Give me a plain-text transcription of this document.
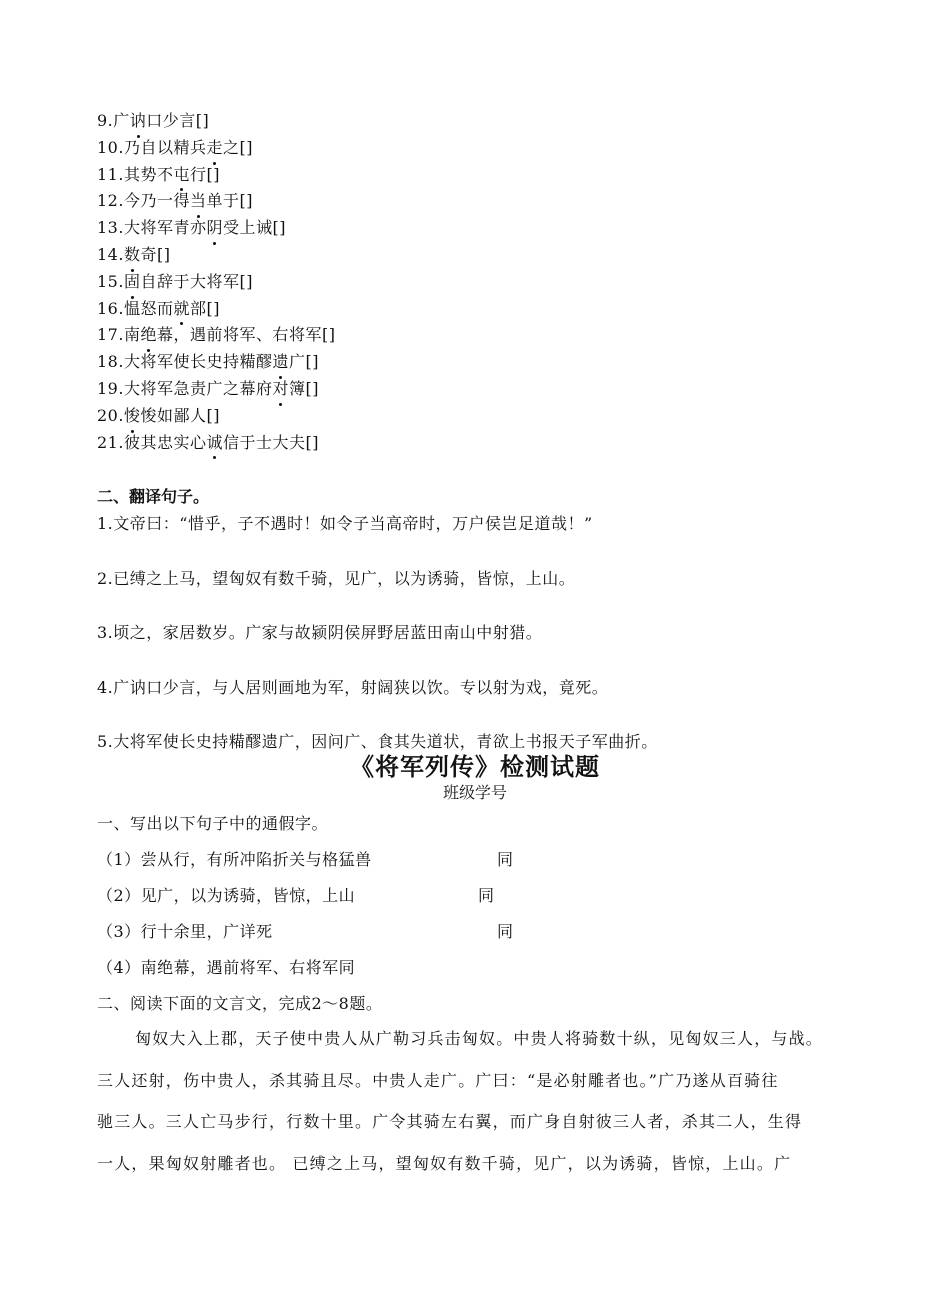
9.广讷口少言[]
10.乃自以精兵走之[]
11.其势不屯行[]
12.今乃一得当单于[]
13.大将军青亦阴受上诫[]
14.数奇[]
15.固自辞于大将军[]
16.愠怒而就部[]
17.南绝幕，遇前将军、右将军[]
18.大将军使长史持糒醪遗广[]
19.大将军急责广之幕府对簿[]
20.悛悛如鄙人[]
21.彼其忠实心诚信于士大夫[]
二、翻译句子。
1.文帝曰：“惜乎，子不遇时！如令子当高帝时，万户侯岂足道哉！”
2.已缚之上马，望匈奴有数千骑，见广，以为诱骑，皆惊，上山。
3.顷之，家居数岁。广家与故颍阴侯屏野居蓝田南山中射猎。
4.广讷口少言，与人居则画地为军，射阔狭以饮。专以射为戏，竟死。
5.大将军使长史持糒醪遗广，因问广、食其失道状，青欲上书报天子军曲折。
《将军列传》检测试题
班级学号
一、写出以下句子中的通假字。
（1）尝从行，有所冲陷折关与格猛兽	同
（2）见广，以为诱骑，皆惊，上山	同
（3）行十余里，广详死	同
（4）南绝幕，遇前将军、右将军同
二、阅读下面的文言文，完成2～8题。
匈奴大入上郡，天子使中贵人从广勒习兵击匈奴。中贵人将骑数十纵，见匈奴三人，与战。
三人还射，伤中贵人，杀其骑且尽。中贵人走广。广曰：“是必射雕者也。”广乃遂从百骑往
驰三人。三人亡马步行，行数十里。广令其骑左右翼，而广身自射彼三人者，杀其二人，生得
一人，果匈奴射雕者也。 已缚之上马，望匈奴有数千骑，见广，以为诱骑，皆惊，上山。广
